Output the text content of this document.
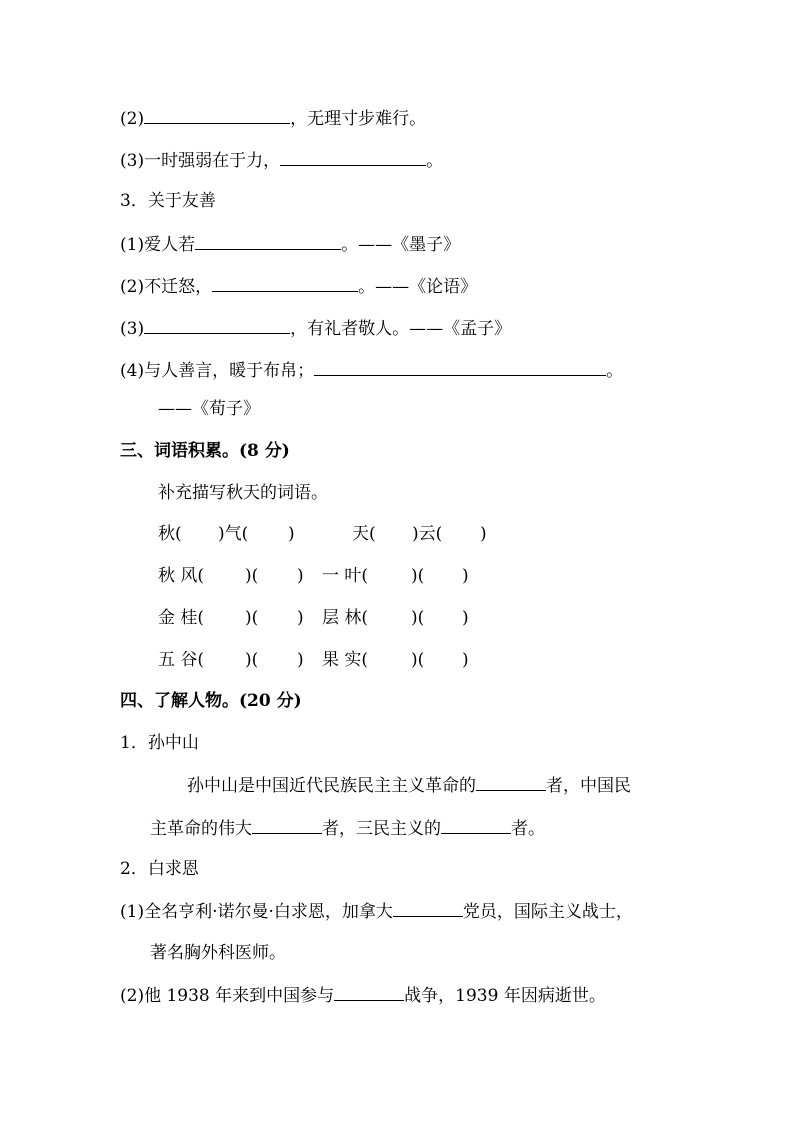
(2)	，无理寸步难行。
(3)一时强弱在于力，	。
3．关于友善
(1)爱人若	。——《墨子》
(2)不迁怒，	。——《论语》
(3)	，有礼者敬人。——《孟子》
(4)与人善言，暖于布帛；	。
——《荀子》
三、词语积累。(8 分)
补充描写秋天的词语。
秋( )气( )	天( )云( )
秋 风( )( ) 一 叶(	)( )
金 桂( )( ) 层 林(	)( )
五 谷( )( ) 果 实(	)( )
四、了解人物。(20 分)
1．孙中山
孙中山是中国近代民族民主主义革命的	者，中国民
主革命的伟大	者，三民主义的	者。
2．白求恩
(1)全名亨利·诺尔曼·白求恩，加拿大	党员，国际主义战士，
著名胸外科医师。
(2)他 1938 年来到中国参与	战争，1939 年因病逝世。
